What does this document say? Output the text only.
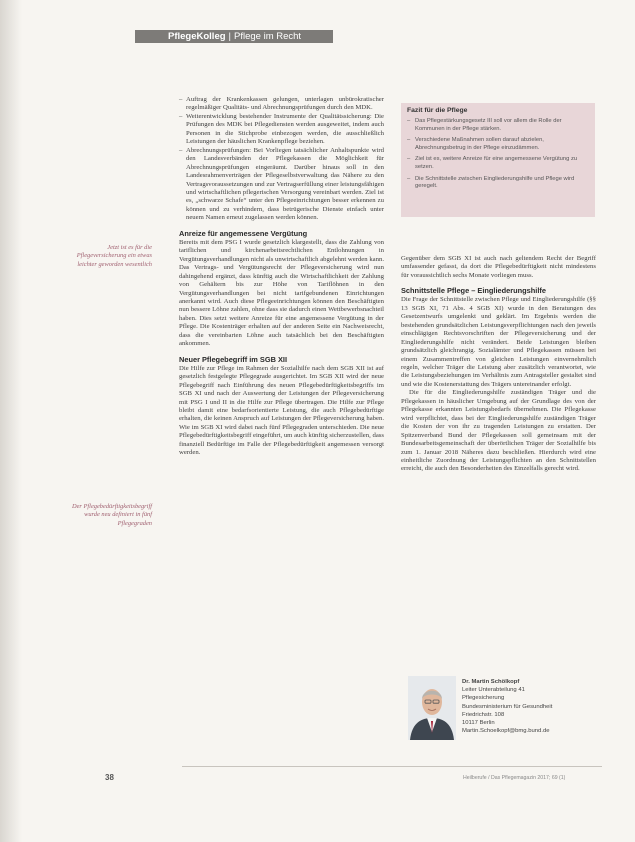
PflegeKolleg | Pflege im Recht
Jetzt ist es für die Pflegeversicherung ein etwas leichter geworden wesentlich
Der Pflegebedürftigkeitsbegriff wurde neu definiert in fünf Pflegegraden
– Auftrag der Krankenkassen gelungen, unterlagen unbürokratischer regelmäßiger Qualitäts- und Abrechnungsprüfungen durch den MDK.
– Weiterentwicklung bestehender Instrumente der Qualitätssicherung: Die Prüfungen des MDK bei Pflegediensten werden ausgeweitet, indem auch Personen in die Stichprobe einbezogen werden, die ausschließlich Leistungen der häuslichen Krankenpflege beziehen.
– Abrechnungsprüfungen: Bei Vorliegen tatsächlicher Anhaltspunkte wird den Landesverbänden der Pflegekassen die Möglichkeit für Abrechnungsprüfungen eingeräumt. Darüber hinaus soll in den Landesrahmenverträgen der Pflegeselbstverwaltung das Nähere zu den Vertragsvoraussetzungen und zur Vertragserfüllung einer leistungsfähigen und wirtschaftlichen pflegerischen Versorgung vereinbart werden. Ziel ist es, „schwarze Schafe“ unter den Pflegeeinrichtungen besser erkennen zu können und zu verhindern, dass betrügerische Dienste einfach unter neuem Namen erneut zugelassen werden können.
Anreize für angemessene Vergütung

Bereits mit dem PSG I wurde gesetzlich klargestellt, dass die Zahlung von tariflichen und kirchenarbeitsrechtlichen Entlohnungen in Vergütungsverhandlungen nicht als unwirtschaftlich abgelehnt werden kann. Das Vertrags- und Vergütungsrecht der Pflegeversicherung wird nun dahingehend ergänzt, dass künftig auch die Wirtschaftlichkeit der Zahlung von Gehältern bis zur Höhe von Tariflöhnen in den Vergütungsverhandlungen bei nicht tarifgebundenen Einrichtungen anerkannt wird. Auch diese Pflegeeinrichtungen können den Beschäftigten nun bessere Löhne zahlen, ohne dass sie dadurch einen Wettbewerbsnachteil haben. Dies setzt weitere Anreize für eine angemessene Vergütung in der Pflege. Die Kostenträger erhalten auf der anderen Seite ein Nachweisrecht, dass die vereinbarten Löhne auch tatsächlich bei den Beschäftigten ankommen.

Neuer Pflegebegriff im SGB XII

Die Hilfe zur Pflege im Rahmen der Sozialhilfe nach dem SGB XII ist auf gesetzlich festgelegte Pflegegrade ausgerichtet. Im SGB XII wird der neue Pflegebegriff nach Einführung des neuen Pflegebedürftigkeitsbegriffs im SGB XI und nach der Auswertung der Leistungen der Pflegeversicherung mit PSG I und II in die Hilfe zur Pflege übertragen. Die Hilfe zur Pflege bleibt damit eine bedarfsorientierte Leistung, die auch Pflegebedürftige erhalten, die keinen Anspruch auf Leistungen der Pflegeversicherung haben. Wie im SGB XI wird dabei nach fünf Pflegegraden unterschieden. Die neue Pflegebedürftigkeitsbegriff eingeführt, um auch künftig sicherzustellen, dass finanziell Bedürftige im Falle der Pflegebedürftigkeit angemessen versorgt werden.

Fazit für die Pflege
– Das Pflegestärkungsgesetz III soll vor allem die Rolle der Kommunen in der Pflege stärken.
– Verschiedene Maßnahmen sollen darauf abzielen, Abrechnungsbetrug in der Pflege einzudämmen.
– Ziel ist es, weitere Anreize für eine angemessene Vergütung zu setzen.
– Die Schnittstelle zwischen Eingliederungshilfe und Pflege wird geregelt.

Gegenüber dem SGB XI ist auch nach geltendem Recht der Begriff umfassender gefasst, da dort die Pflegebedürftigkeit nicht mindestens für voraussichtlich sechs Monate vorliegen muss.

Schnittstelle Pflege – Eingliederungshilfe

Die Frage der Schnittstelle zwischen Pflege und Eingliederungshilfe (§§ 13 SGB XI, 71 Abs. 4 SGB XI) wurde in den Beratungen des Gesetzentwurfs umgelenkt und geklärt. Im Ergebnis werden die bestehenden grundsätzlichen Leistungsverpflichtungen nach den jeweils einschlägigen Rechtsvorschriften der Pflegeversicherung und der Eingliederungshilfe nicht verändert. Beide Leistungen bleiben grundsätzlich gleichrangig. Sozialämter und Pflegekassen müssen bei einem Zusammentreffen von gleichen Leistungen einvernehmlich regeln, welcher Träger die Leistung aber zusätzlich verantwortet, wie die Leistungsbeziehungen im Verhältnis zum Antragsteller gestaltet sind und wie die Kostenerstattung des Trägers untereinander erfolgt.

Die für die Eingliederungshilfe zuständigen Träger und die Pflegekassen in häuslicher Umgebung auf der Grundlage des von der Pflegekasse erkannten Leistungsbedarfs übernehmen. Die Pflegekasse wird verpflichtet, dass bei der Eingliederungshilfe zuständigen Träger die Kosten der von ihr zu tragenden Leistungen zu erstatten. Der Spitzenverband Bund der Pflegekassen soll gemeinsam mit der Bundesarbeitsgemeinschaft der überörtlichen Träger der Sozialhilfe bis zum 1. Januar 2018 Näheres dazu beschließen. Hierdurch wird eine einheitliche Zuordnung der Leistungspflichten an den Schnittstellen erreicht, die auch den Besonderheiten des Einzelfalls gerecht wird.

Dr. Martin Schölkopf
Leiter Unterabteilung 41
Pflegesicherung
Bundesministerium für Gesundheit
Friedrichstr. 108
10117 Berlin
Martin.Schoelkopf@bmg.bund.de
38	Heilberufe / Das Pflegemagazin 2017; 69 (1)
